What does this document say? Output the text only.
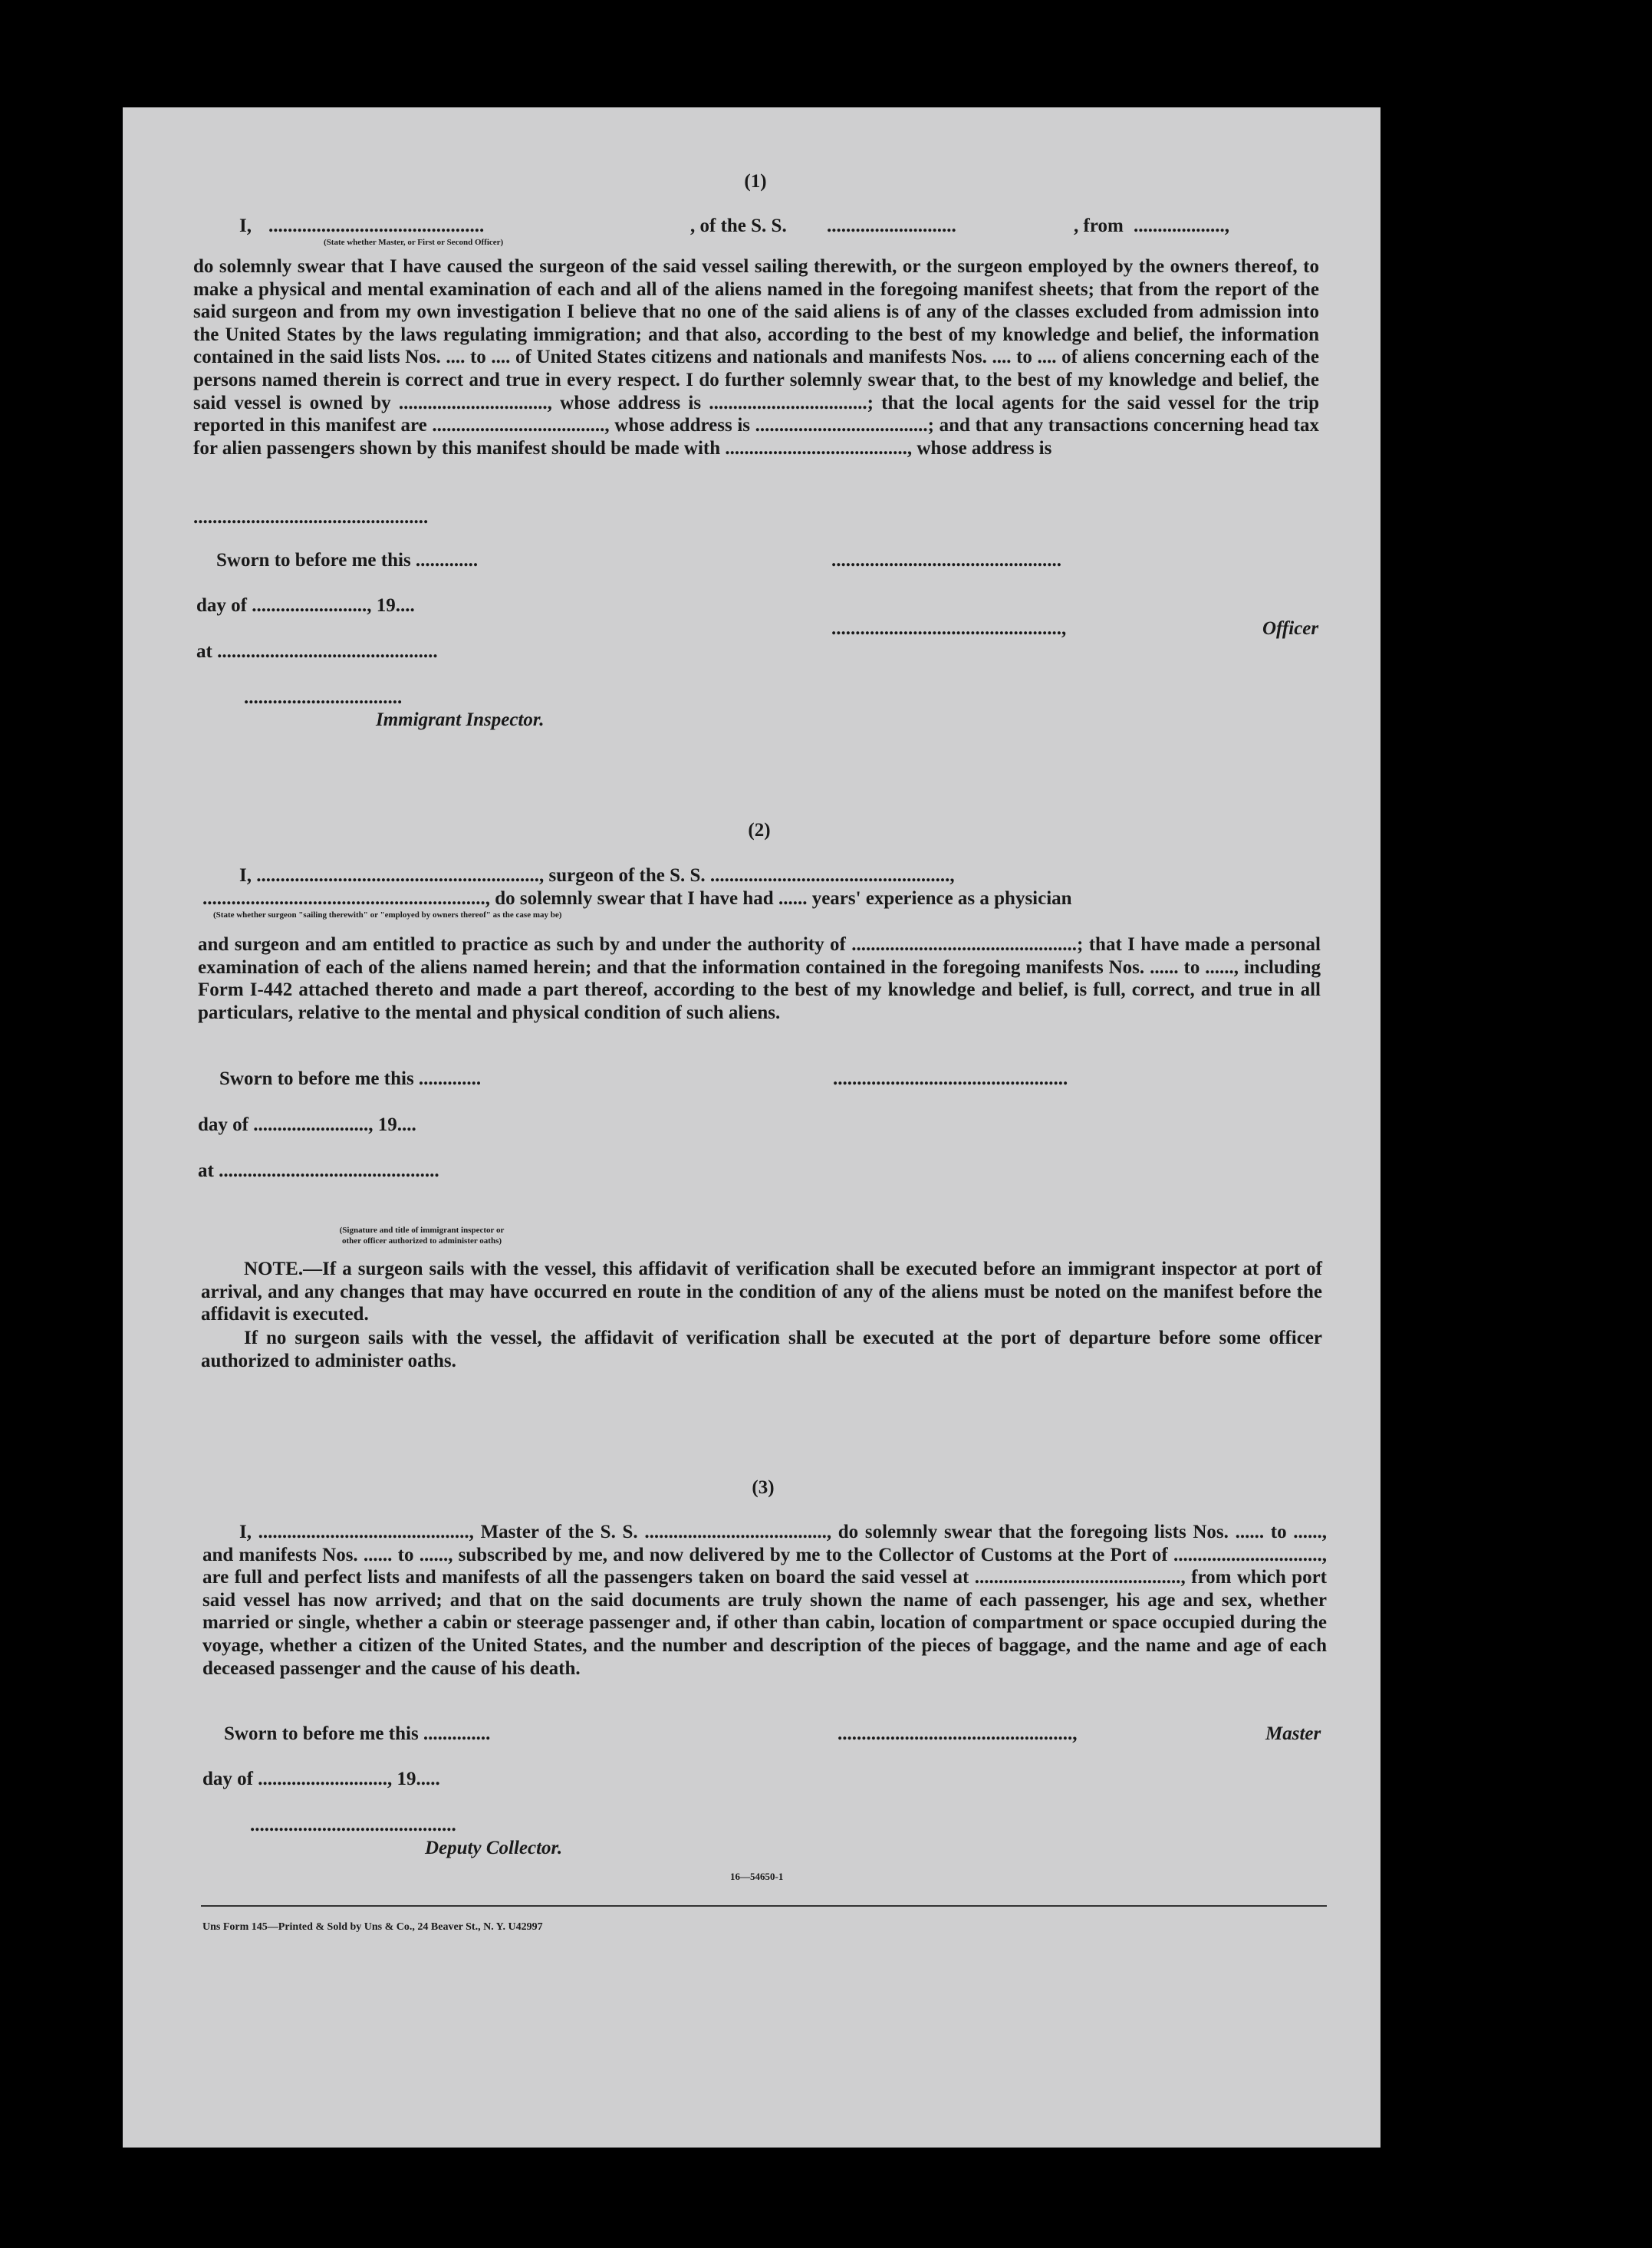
(1)
I, .............................................	, of the S. S. ...........................	, from ...................,
(State whether Master, or First or Second Officer)
do solemnly swear that I have caused the surgeon of the said vessel sailing therewith, or the surgeon employed by the owners thereof, to make a physical and mental examination of each and all of the aliens named in the foregoing manifest sheets; that from the report of the said surgeon and from my own investigation I believe that no one of the said aliens is of any of the classes excluded from admission into the United States by the laws regulating immigration; and that also, according to the best of my knowledge and belief, the information contained in the said lists Nos. .... to .... of United States citizens and nationals and manifests Nos. .... to .... of aliens concerning each of the persons named therein is correct and true in every respect. I do further solemnly swear that, to the best of my knowledge and belief, the said vessel is owned by ..............................., whose address is .................................; that the local agents for the said vessel for the trip reported in this manifest are ...................................., whose address is ....................................; and that any transactions concerning head tax for alien passengers shown by this manifest should be made with ......................................, whose address is
.................................................
Sworn to before me this .............
day of ........................, 19....
at ..............................................
.................................
Immigrant Inspector.
................................................
................................................,	Officer
(2)
I, ..........................................................., surgeon of the S. S. ..................................................,
..........................................................., do solemnly swear that I have had ...... years' experience as a physician
(State whether surgeon "sailing therewith" or "employed by owners thereof" as the case may be)
and surgeon and am entitled to practice as such by and under the authority of ...............................................; that I have made a personal examination of each of the aliens named herein; and that the information contained in the foregoing manifests Nos. ...... to ......, including Form I-442 attached thereto and made a part thereof, according to the best of my knowledge and belief, is full, correct, and true in all particulars, relative to the mental and physical condition of such aliens.
Sworn to before me this .............
day of ........................, 19....
at ..............................................
.................................................
(Signature and title of immigrant inspector or
other officer authorized to administer oaths)
NOTE.—If a surgeon sails with the vessel, this affidavit of verification shall be executed before an immigrant inspector at port of arrival, and any changes that may have occurred en route in the condition of any of the aliens must be noted on the manifest before the affidavit is executed.
If no surgeon sails with the vessel, the affidavit of verification shall be executed at the port of departure before some officer authorized to administer oaths.
(3)
I, ............................................, Master of the S. S. ......................................, do solemnly swear that the foregoing lists Nos. ...... to ......, and manifests Nos. ...... to ......, subscribed by me, and now delivered by me to the Collector of Customs at the Port of ..............................., are full and perfect lists and manifests of all the passengers taken on board the said vessel at ..........................................., from which port said vessel has now arrived; and that on the said documents are truly shown the name of each passenger, his age and sex, whether married or single, whether a cabin or steerage passenger and, if other than cabin, location of compartment or space occupied during the voyage, whether a citizen of the United States, and the number and description of the pieces of baggage, and the name and age of each deceased passenger and the cause of his death.
Sworn to before me this ..............
day of ..........................., 19.....
...........................................
Deputy Collector.
.................................................,	Master
16—54650-1
Uns Form 145—Printed & Sold by Uns & Co., 24 Beaver St., N. Y. U42997
